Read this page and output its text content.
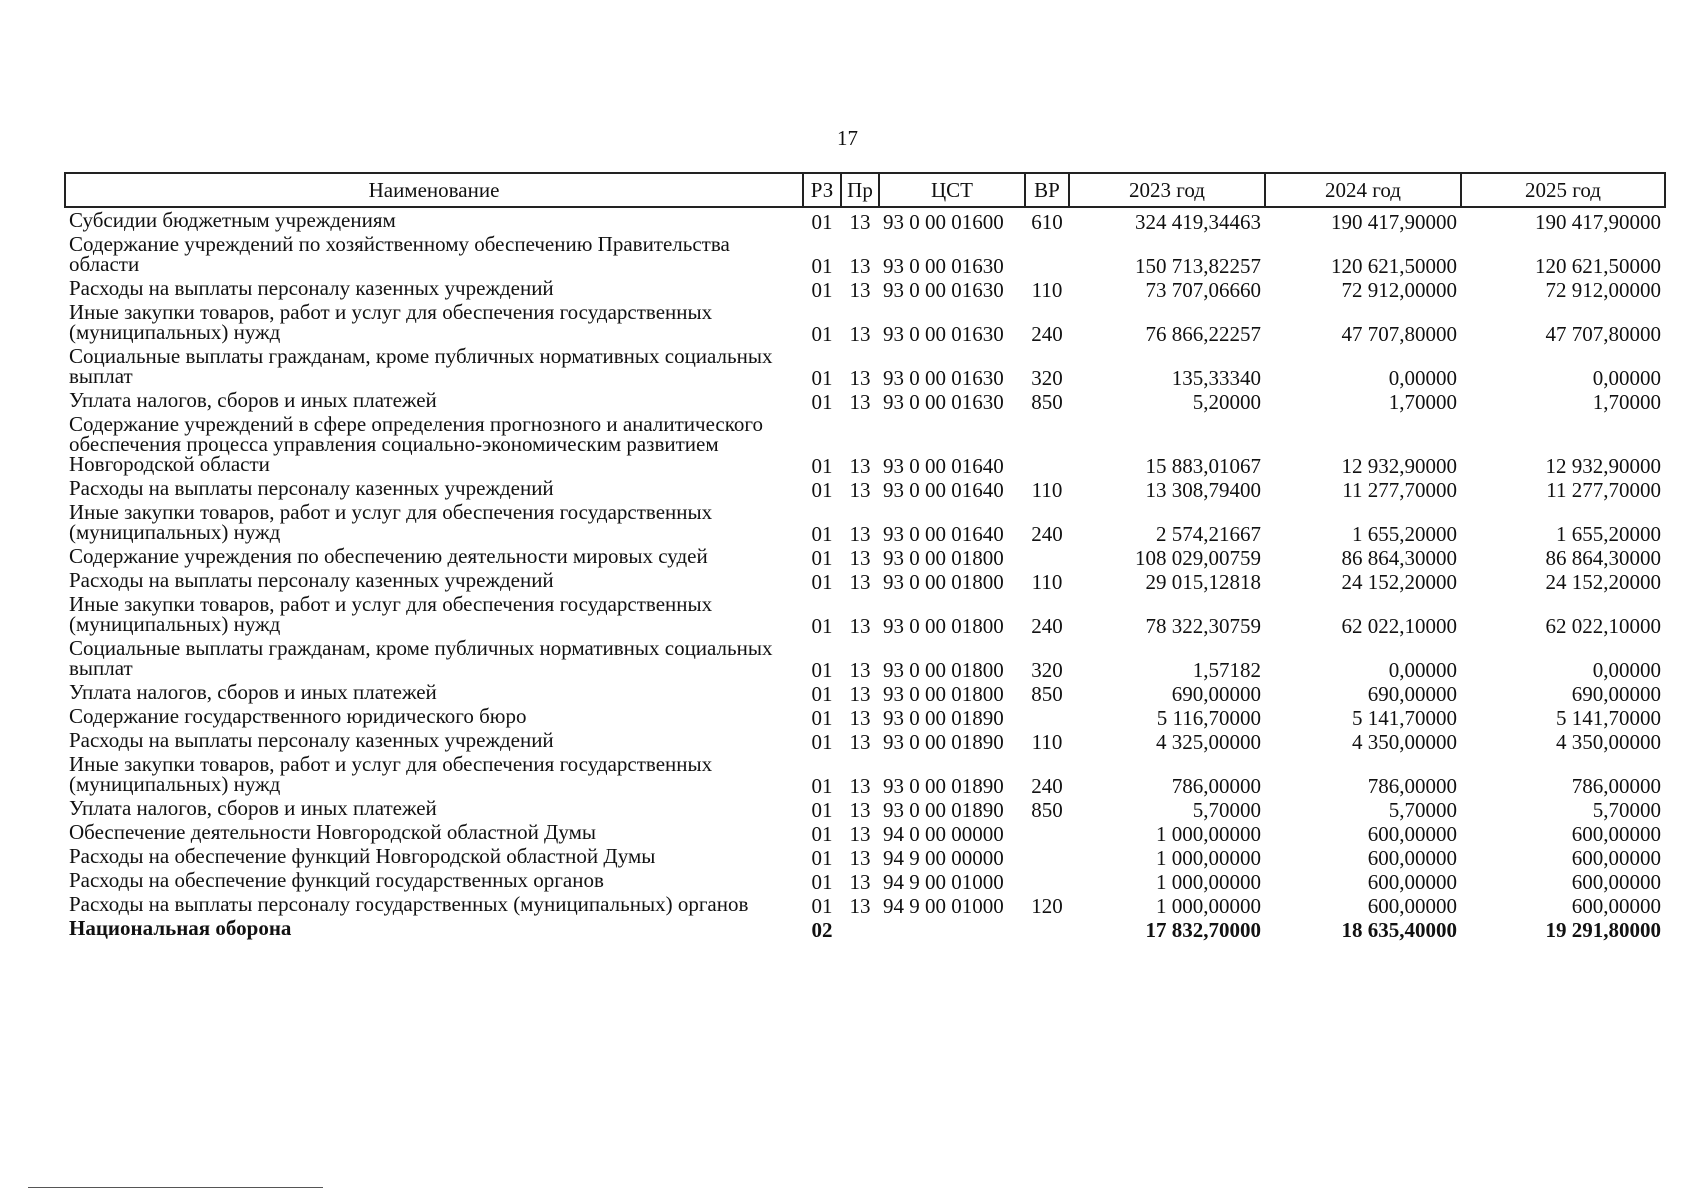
17
Наименование	РЗ	Пр	ЦСТ	ВР	2023 год	2024 год	2025 год
Субсидии бюджетным учреждениям	01	13	93 0 00 01600	610	324 419,34463	190 417,90000	190 417,90000
Содержание учреждений по хозяйственному обеспечению Правительства области	01	13	93 0 00 01630		150 713,82257	120 621,50000	120 621,50000
Расходы на выплаты персоналу казенных учреждений	01	13	93 0 00 01630	110	73 707,06660	72 912,00000	72 912,00000
Иные закупки товаров, работ и услуг для обеспечения государственных (муниципальных) нужд	01	13	93 0 00 01630	240	76 866,22257	47 707,80000	47 707,80000
Социальные выплаты гражданам, кроме публичных нормативных социальных выплат	01	13	93 0 00 01630	320	135,33340	0,00000	0,00000
Уплата налогов, сборов и иных платежей	01	13	93 0 00 01630	850	5,20000	1,70000	1,70000
Содержание учреждений в сфере определения прогнозного и аналитического обеспечения процесса управления социально-экономическим развитием Новгородской области	01	13	93 0 00 01640		15 883,01067	12 932,90000	12 932,90000
Расходы на выплаты персоналу казенных учреждений	01	13	93 0 00 01640	110	13 308,79400	11 277,70000	11 277,70000
Иные закупки товаров, работ и услуг для обеспечения государственных (муниципальных) нужд	01	13	93 0 00 01640	240	2 574,21667	1 655,20000	1 655,20000
Содержание учреждения по обеспечению деятельности мировых судей	01	13	93 0 00 01800		108 029,00759	86 864,30000	86 864,30000
Расходы на выплаты персоналу казенных учреждений	01	13	93 0 00 01800	110	29 015,12818	24 152,20000	24 152,20000
Иные закупки товаров, работ и услуг для обеспечения государственных (муниципальных) нужд	01	13	93 0 00 01800	240	78 322,30759	62 022,10000	62 022,10000
Социальные выплаты гражданам, кроме публичных нормативных социальных выплат	01	13	93 0 00 01800	320	1,57182	0,00000	0,00000
Уплата налогов, сборов и иных платежей	01	13	93 0 00 01800	850	690,00000	690,00000	690,00000
Содержание государственного юридического бюро	01	13	93 0 00 01890		5 116,70000	5 141,70000	5 141,70000
Расходы на выплаты персоналу казенных учреждений	01	13	93 0 00 01890	110	4 325,00000	4 350,00000	4 350,00000
Иные закупки товаров, работ и услуг для обеспечения государственных (муниципальных) нужд	01	13	93 0 00 01890	240	786,00000	786,00000	786,00000
Уплата налогов, сборов и иных платежей	01	13	93 0 00 01890	850	5,70000	5,70000	5,70000
Обеспечение деятельности Новгородской областной Думы	01	13	94 0 00 00000		1 000,00000	600,00000	600,00000
Расходы на обеспечение функций Новгородской областной Думы	01	13	94 9 00 00000		1 000,00000	600,00000	600,00000
Расходы на обеспечение функций государственных органов	01	13	94 9 00 01000		1 000,00000	600,00000	600,00000
Расходы на выплаты персоналу государственных (муниципальных) органов	01	13	94 9 00 01000	120	1 000,00000	600,00000	600,00000
Национальная оборона	02				17 832,70000	18 635,40000	19 291,80000
